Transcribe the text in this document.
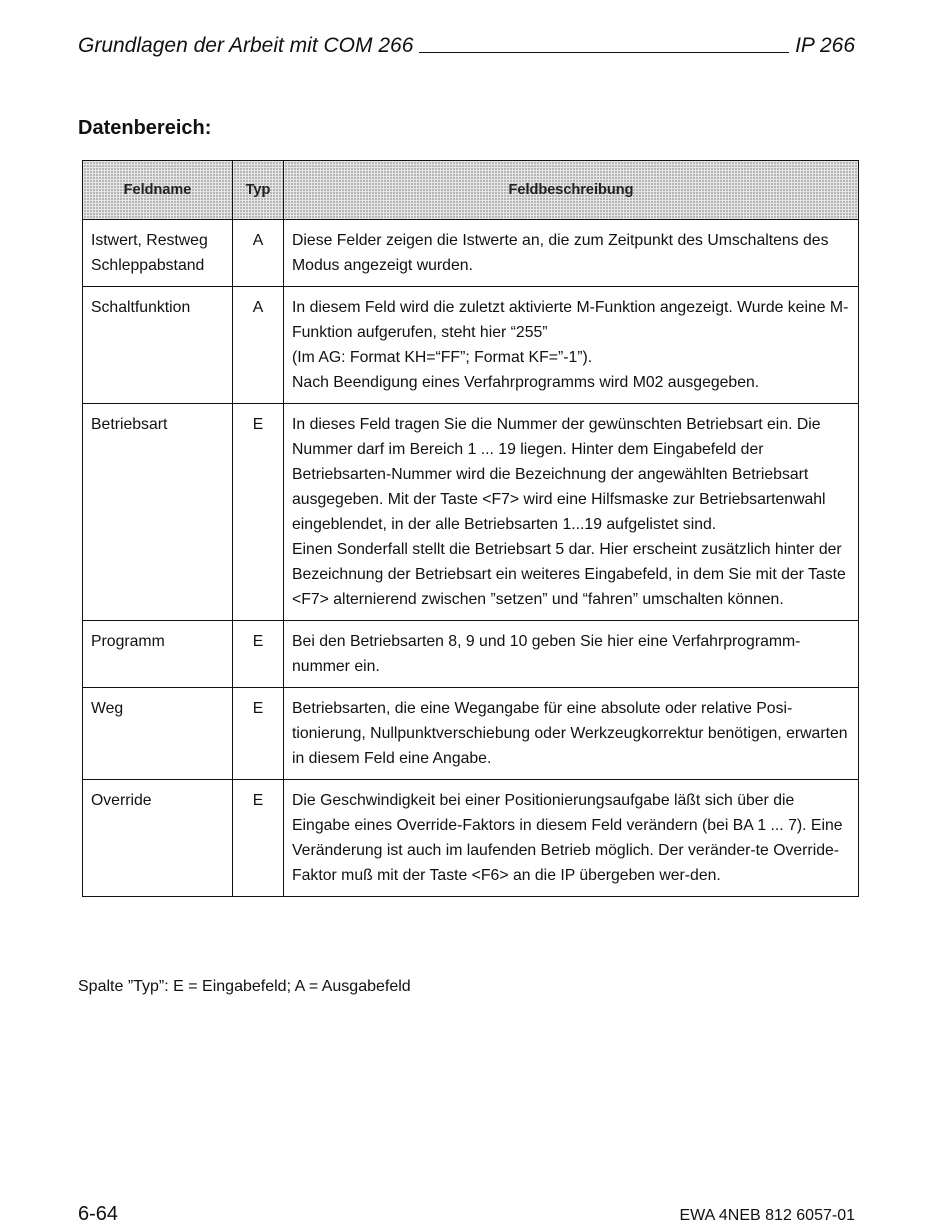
Grundlagen der Arbeit mit COM 266	IP 266
Datenbereich:
Feldname	Typ	Feldbeschreibung
Istwert, Restweg Schleppabstand	A	Diese Felder zeigen die Istwerte an, die zum Zeitpunkt des Umschaltens des Modus angezeigt wurden.

Schaltfunktion	A	In diesem Feld wird die zuletzt aktivierte M-Funktion angezeigt. Wurde keine M-Funktion aufgerufen, steht hier “255”
(Im AG: Format KH=“FF”; Format KF=”-1”).
Nach Beendigung eines Verfahrprogramms wird M02 ausgegeben.

Betriebsart	E	In dieses Feld tragen Sie die Nummer der gewünschten Betriebsart ein. Die Nummer darf im Bereich 1 ... 19 liegen. Hinter dem Eingabefeld der Betriebsarten-Nummer wird die Bezeichnung der angewählten Betriebsart ausgegeben. Mit der Taste <F7> wird eine Hilfsmaske zur Betriebsartenwahl eingeblendet, in der alle Betriebsarten 1...19 aufgelistet sind.
Einen Sonderfall stellt die Betriebsart 5 dar. Hier erscheint zusätzlich hinter der Bezeichnung der Betriebsart ein weiteres Eingabefeld, in dem Sie mit der Taste <F7> alternierend zwischen ”setzen” und “fahren” umschalten können.

Programm	E	Bei den Betriebsarten 8, 9 und 10 geben Sie hier eine Verfahrprogramm-nummer ein.

Weg	E	Betriebsarten, die eine Wegangabe für eine absolute oder relative Posi-tionierung, Nullpunktverschiebung oder Werkzeugkorrektur benötigen, erwarten in diesem Feld eine Angabe.

Override	E	Die Geschwindigkeit bei einer Positionierungsaufgabe läßt sich über die Eingabe eines Override-Faktors in diesem Feld verändern (bei BA 1 ... 7). Eine Veränderung ist auch im laufenden Betrieb möglich. Der veränder-te Override-Faktor muß mit der Taste <F6> an die IP übergeben wer-den.
Spalte ”Typ”: E = Eingabefeld; A = Ausgabefeld
6-64	EWA 4NEB 812 6057-01
